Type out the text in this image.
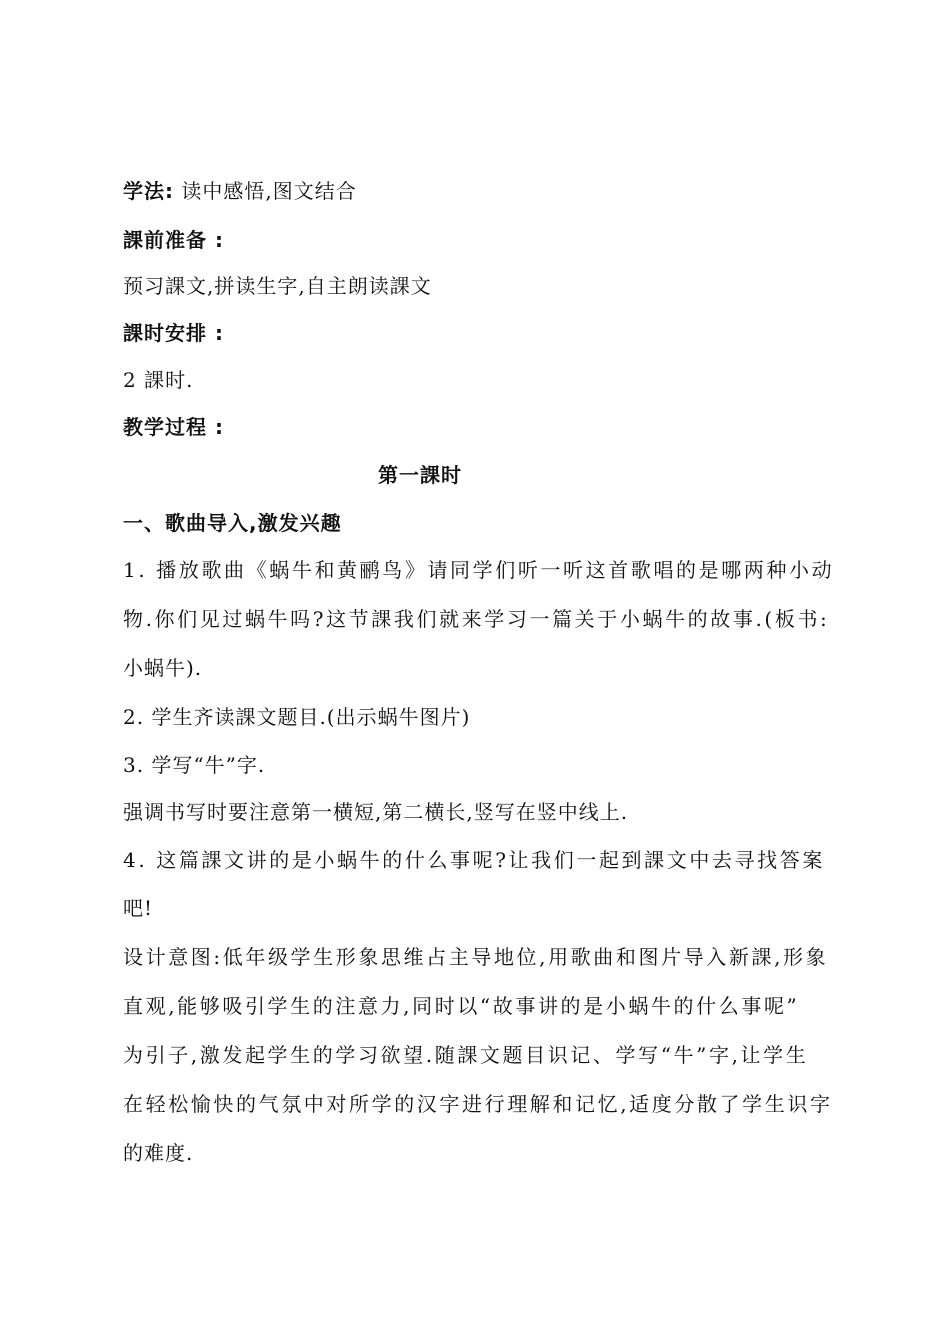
学法: 读中感悟,图文结合
課前准备 :
预习課文,拼读生字,自主朗读課文
課时安排 :
2 課时.
教学过程 :
第一課时
一、歌曲导入,激发兴趣
1. 播放歌曲《蜗牛和黄鹂鸟》请同学们听一听这首歌唱的是哪两种小动
物.你们见过蜗牛吗?这节課我们就来学习一篇关于小蜗牛的故事.(板书:
小蜗牛).
2. 学生齐读課文题目.(出示蜗牛图片)
3. 学写“牛”字.
强调书写时要注意第一横短,第二横长,竖写在竖中线上.
4. 这篇課文讲的是小蜗牛的什么事呢?让我们一起到課文中去寻找答案
吧!
设计意图:低年级学生形象思维占主导地位,用歌曲和图片导入新課,形象
直观,能够吸引学生的注意力,同时以“故事讲的是小蜗牛的什么事呢”
为引子,激发起学生的学习欲望.随課文题目识记、学写“牛”字,让学生
在轻松愉快的气氛中对所学的汉字进行理解和记忆,适度分散了学生识字
的难度.
